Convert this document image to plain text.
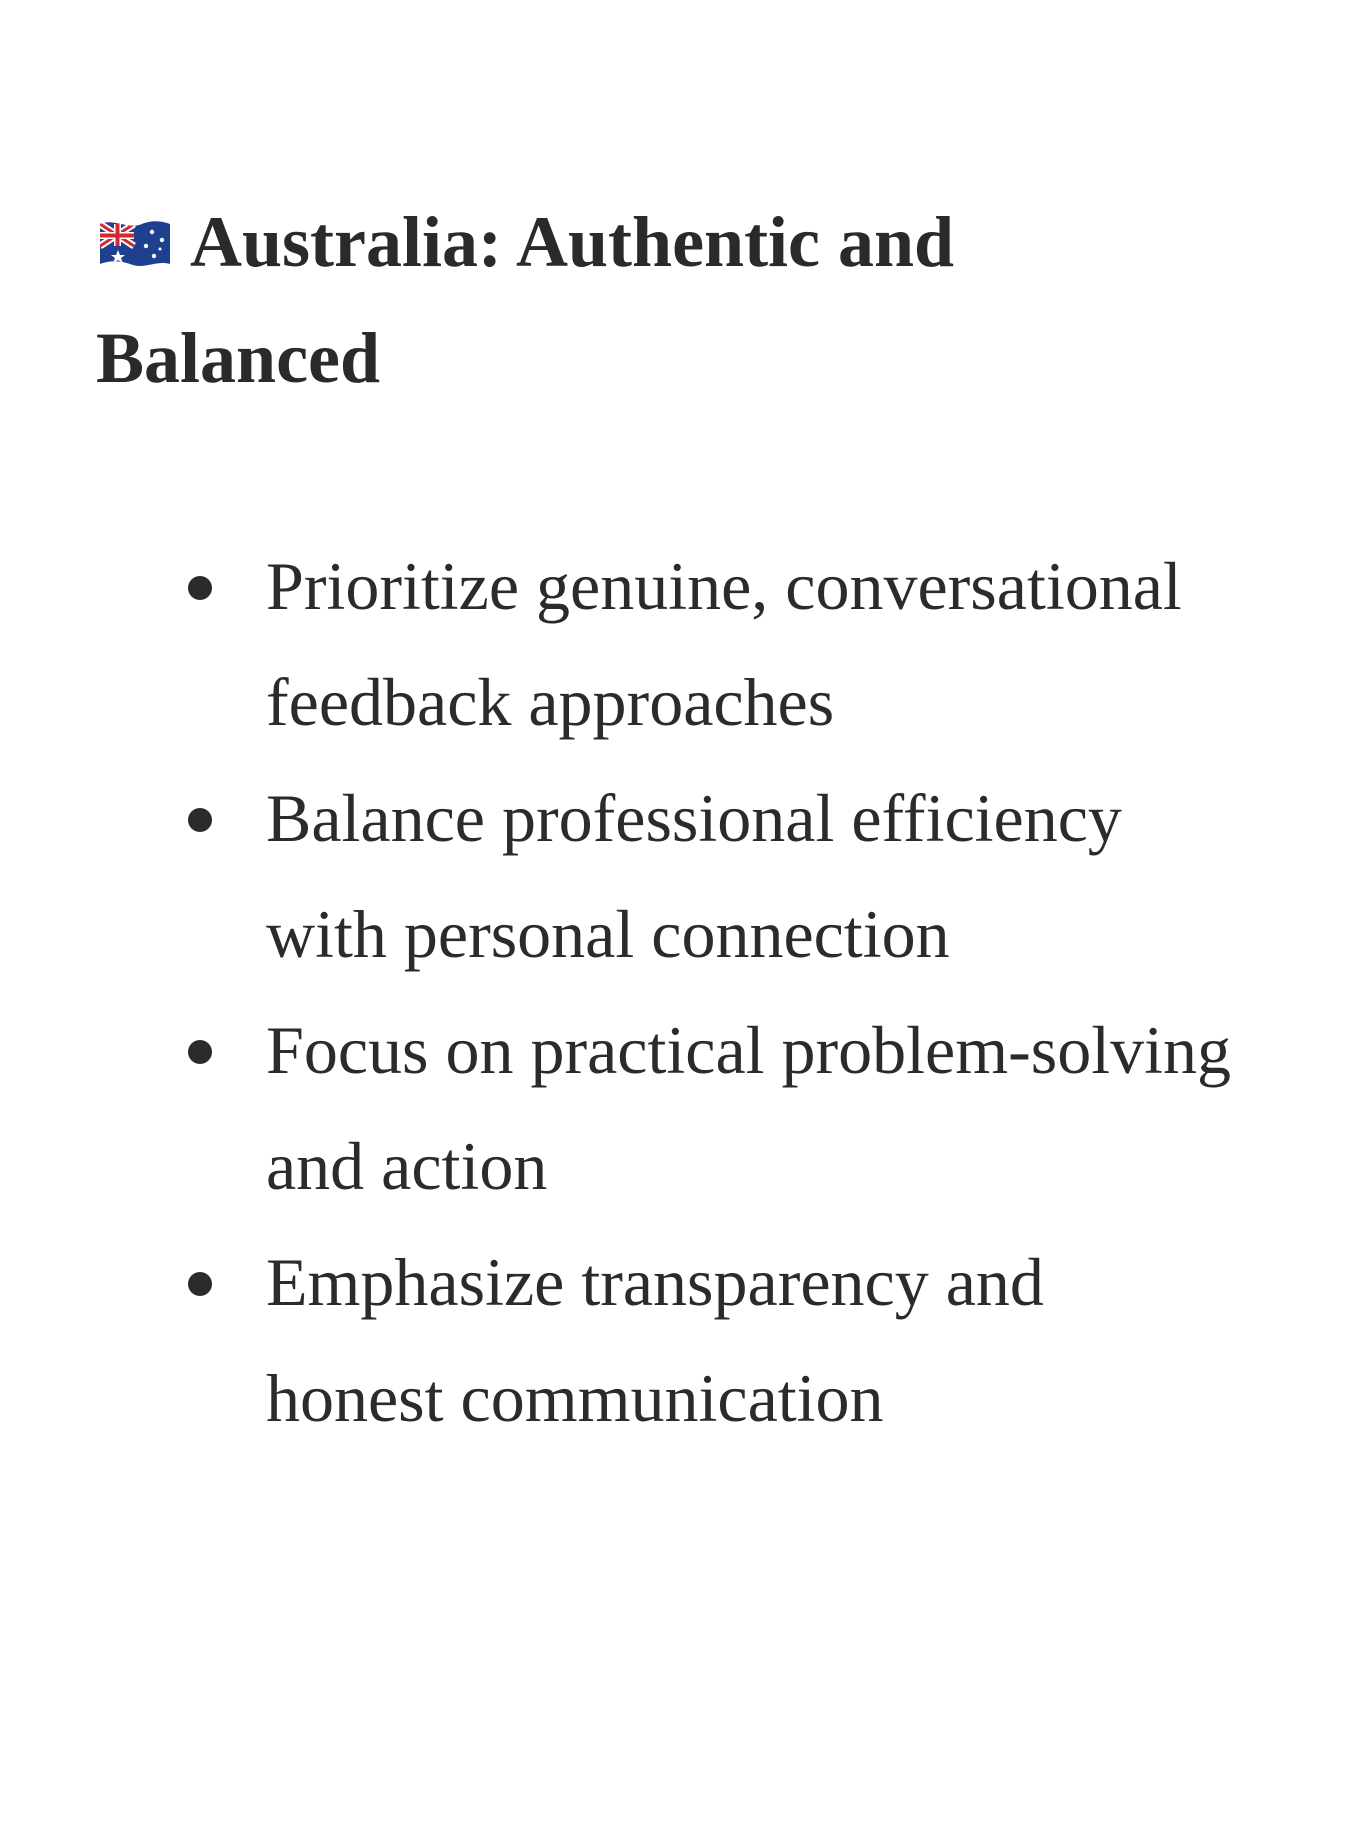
Australia: Authentic and Balanced
Prioritize genuine, conversational feedback approaches
Balance professional efficiency with personal connection
Focus on practical problem-solving and action
Emphasize transparency and honest communication
